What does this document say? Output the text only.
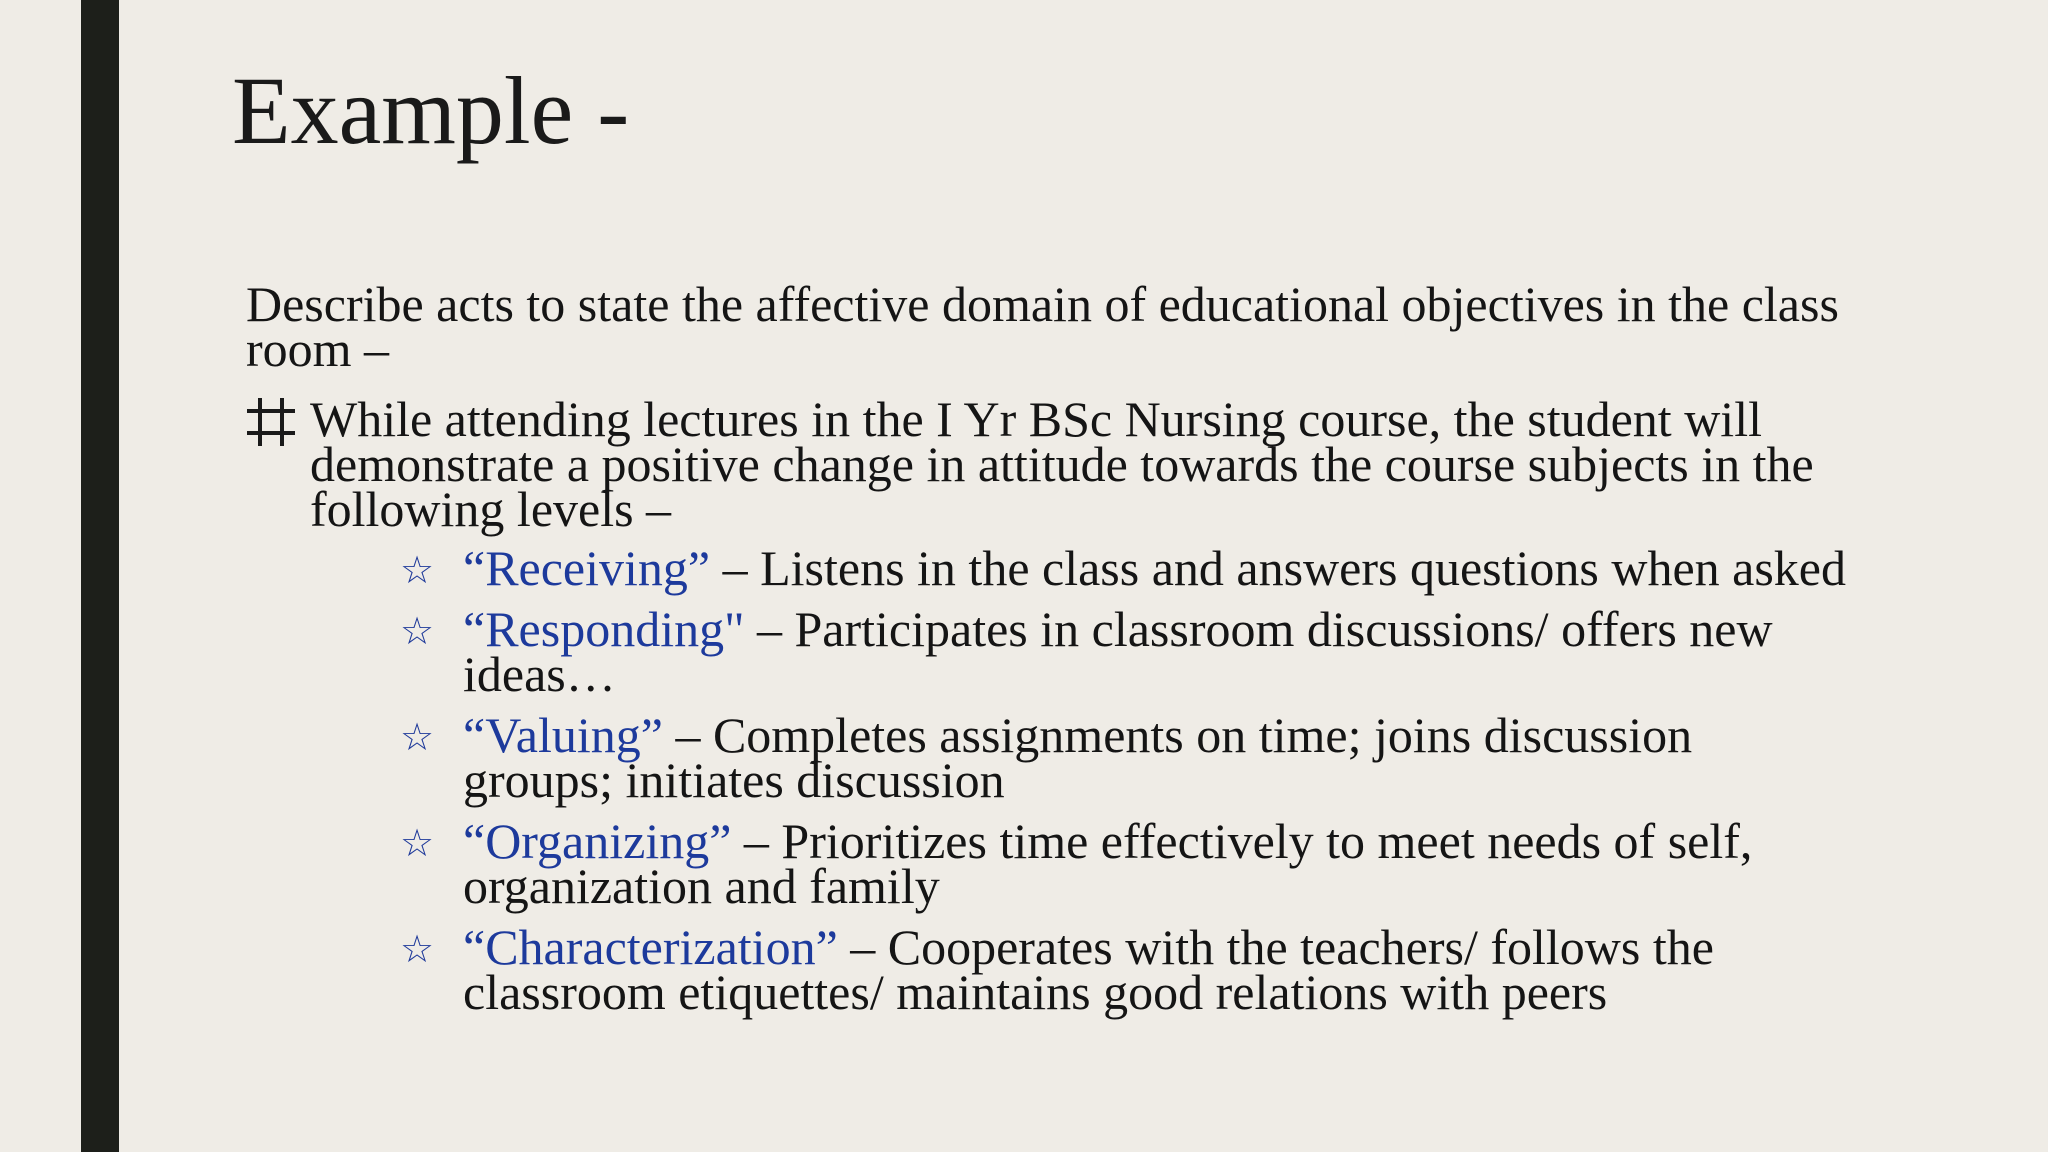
Example -

Describe acts to state the affective domain of educational objectives in the class room –

While attending lectures in the I Yr BSc Nursing course, the student will demonstrate a positive change in attitude towards the course subjects in the following levels –
☆ “Receiving” – Listens in the class and answers questions when asked
☆ “Responding" – Participates in classroom discussions/ offers new ideas…
☆ “Valuing” – Completes assignments on time; joins discussion groups; initiates discussion
☆ “Organizing” – Prioritizes time effectively to meet needs of self, organization and family
☆ “Characterization” – Cooperates with the teachers/ follows the classroom etiquettes/ maintains good relations with peers
